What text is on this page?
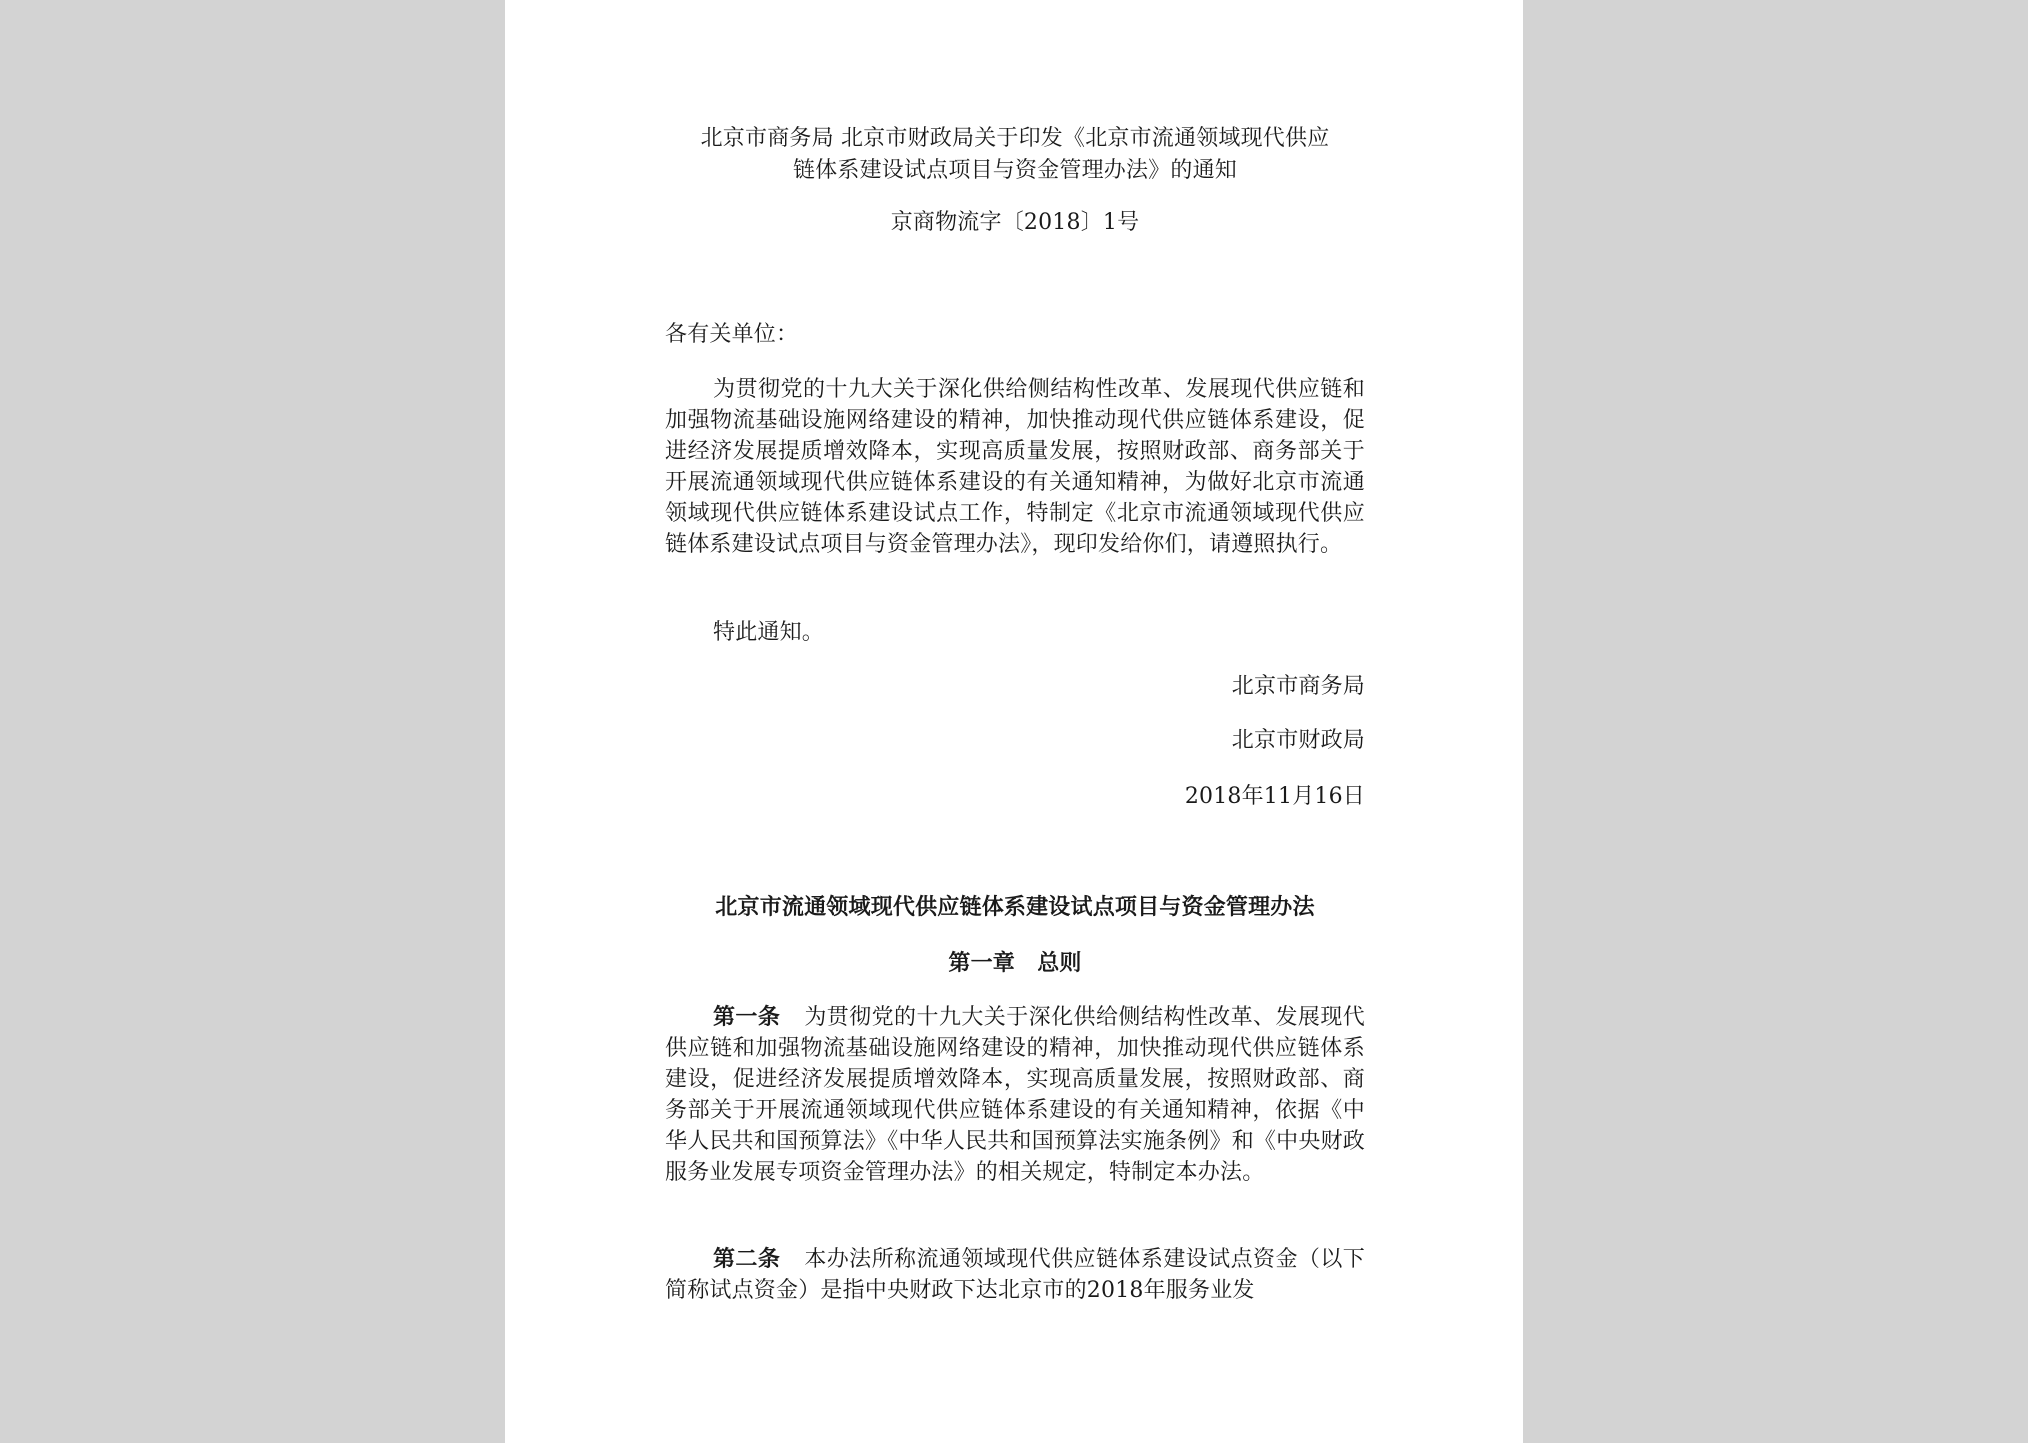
北京市商务局 北京市财政局关于印发《北京市流通领域现代供应
链体系建设试点项目与资金管理办法》的通知
京商物流字〔2018〕1号
各有关单位：
为贯彻党的十九大关于深化供给侧结构性改革、发展现代供应链和加强物流基础设施网络建设的精神，加快推动现代供应链体系建设，促进经济发展提质增效降本，实现高质量发展，按照财政部、商务部关于开展流通领域现代供应链体系建设的有关通知精神，为做好北京市流通领域现代供应链体系建设试点工作，特制定《北京市流通领域现代供应链体系建设试点项目与资金管理办法》，现印发给你们，请遵照执行。
特此通知。
北京市商务局
北京市财政局
2018年11月16日
北京市流通领域现代供应链体系建设试点项目与资金管理办法
第一章　总则
第一条 为贯彻党的十九大关于深化供给侧结构性改革、发展现代供应链和加强物流基础设施网络建设的精神，加快推动现代供应链体系建设，促进经济发展提质增效降本，实现高质量发展，按照财政部、商务部关于开展流通领域现代供应链体系建设的有关通知精神，依据《中华人民共和国预算法》《中华人民共和国预算法实施条例》和《中央财政服务业发展专项资金管理办法》的相关规定，特制定本办法。
第二条 本办法所称流通领域现代供应链体系建设试点资金（以下简称试点资金）是指中央财政下达北京市的2018年服务业发
